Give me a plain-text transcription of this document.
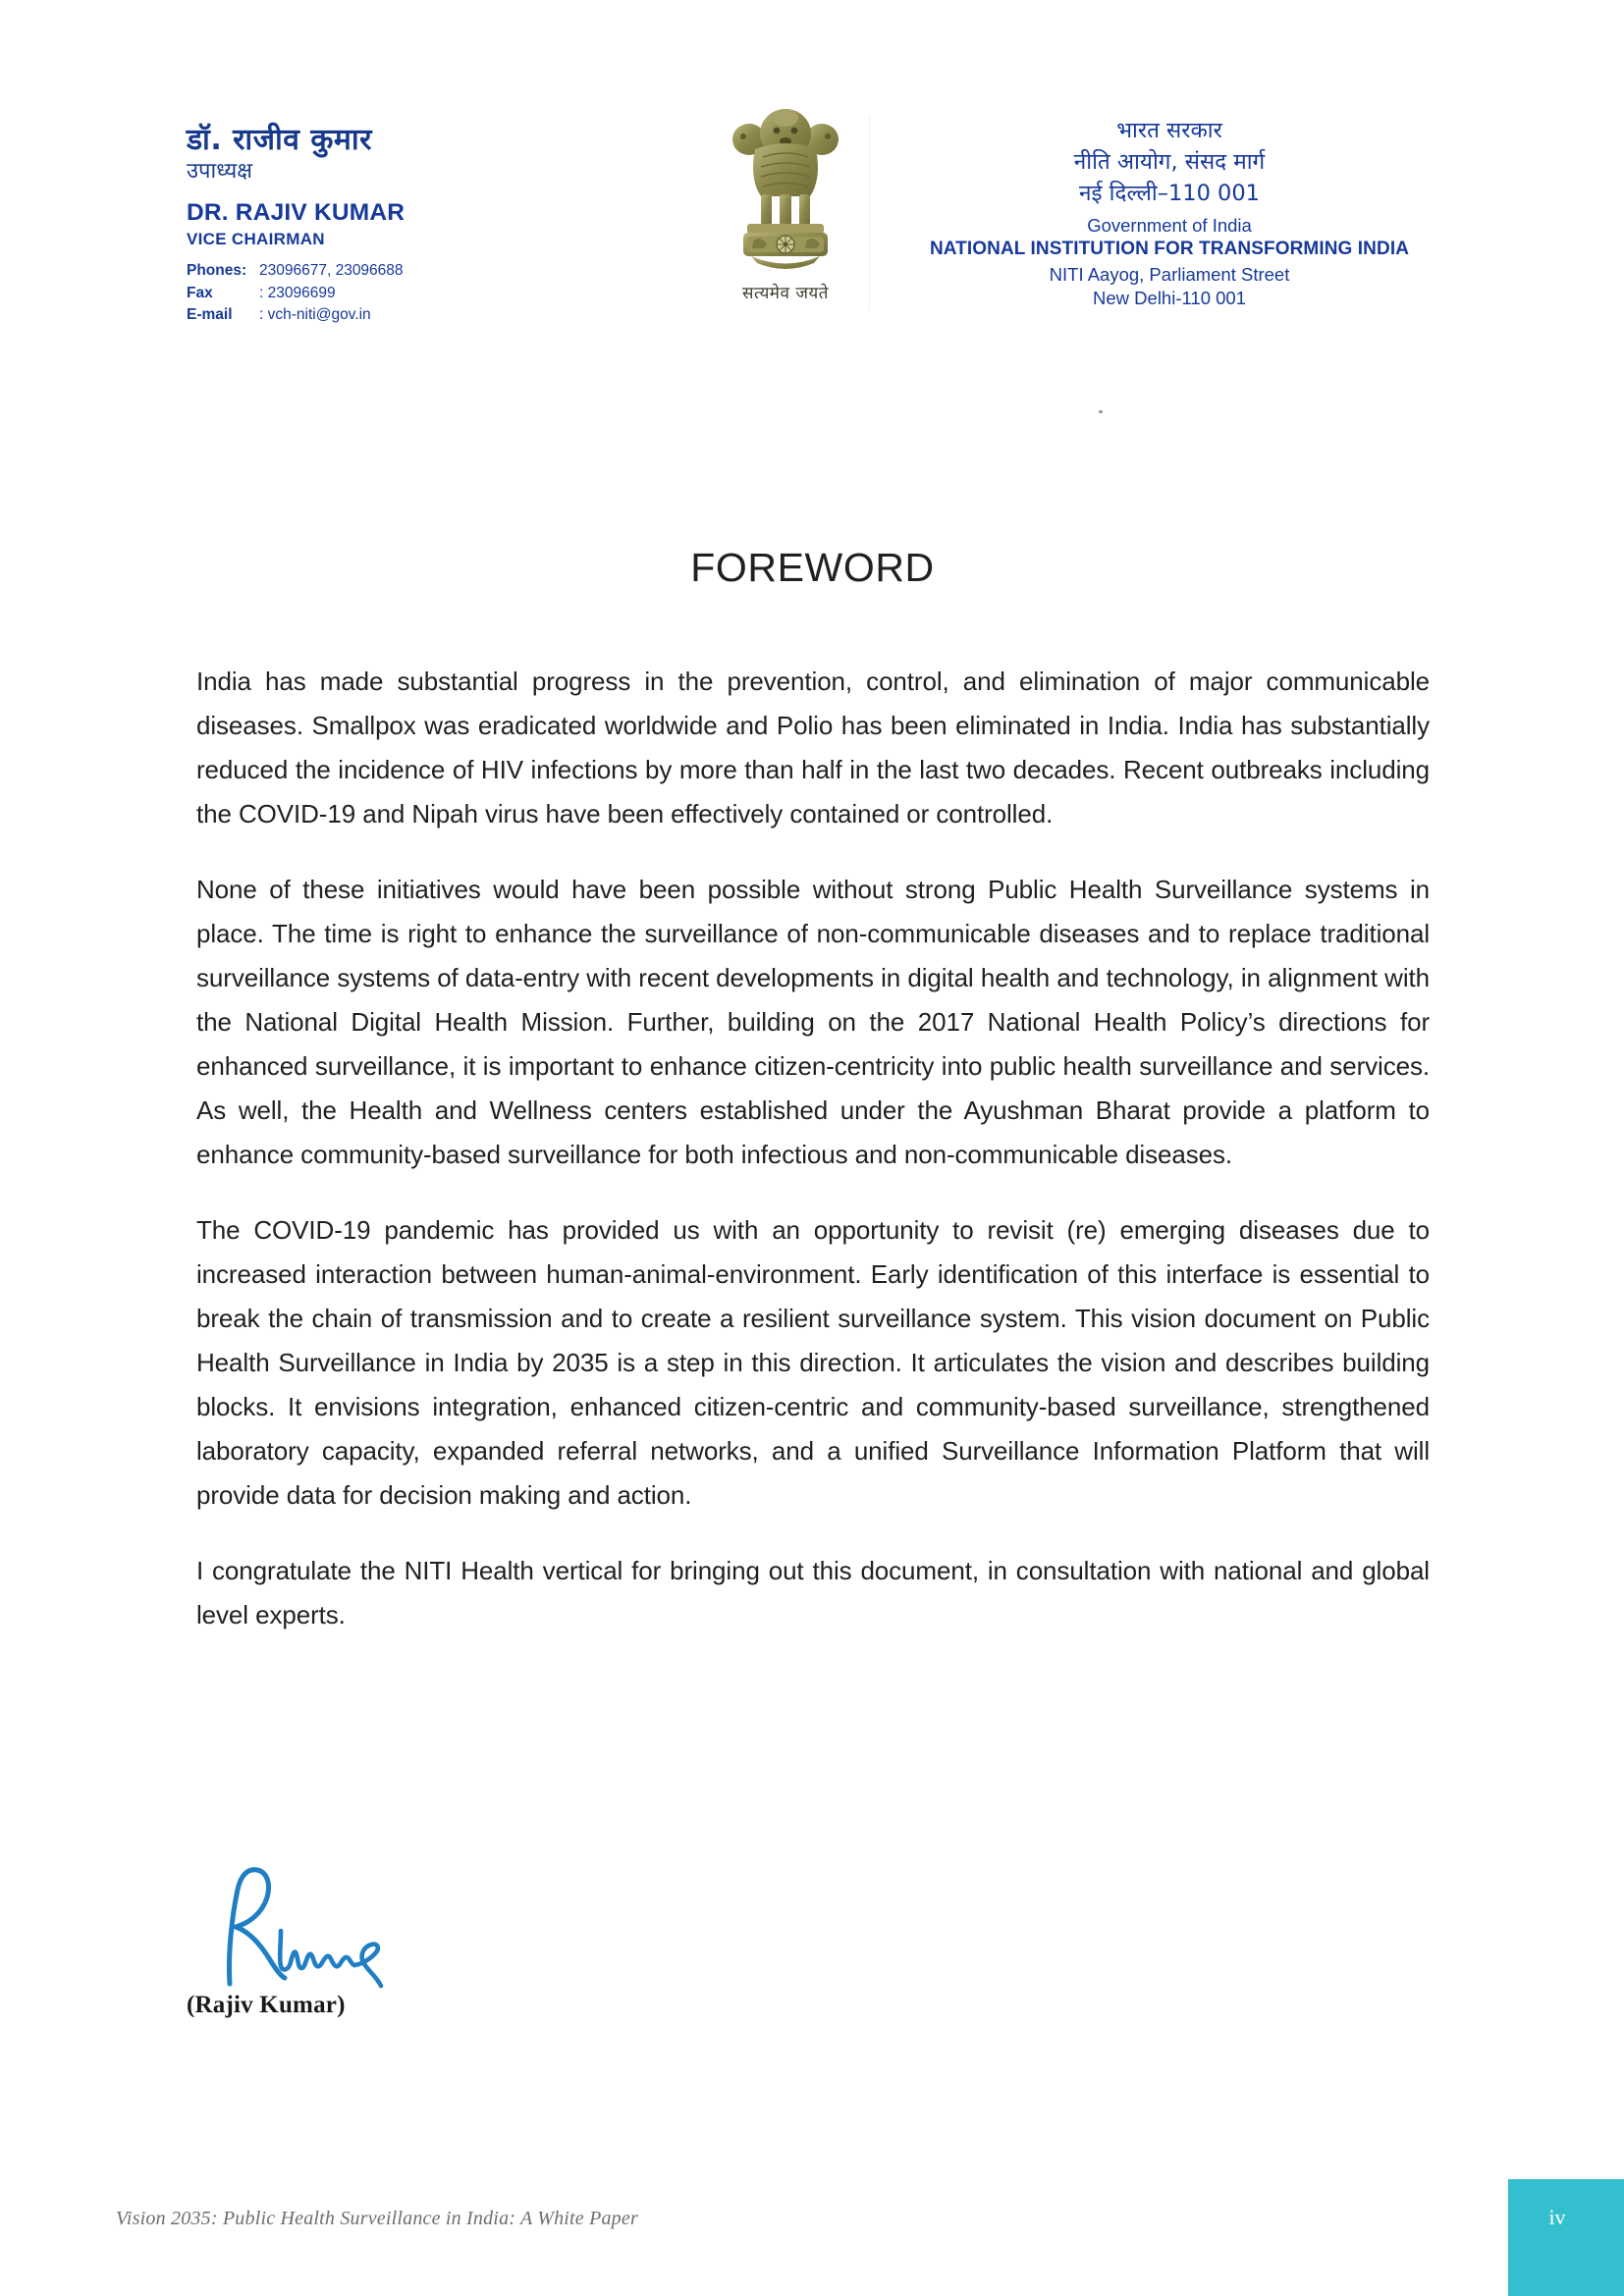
डॉ. राजीव कुमार
उपाध्यक्ष
DR. RAJIV KUMAR
VICE CHAIRMAN
Phones: 23096677, 23096688
Fax	: 23096699
E-mail : vch-niti@gov.in
सत्यमेव जयते
भारत सरकार
नीति आयोग, संसद मार्ग
नई दिल्ली–110 001
Government of India
NATIONAL INSTITUTION FOR TRANSFORMING INDIA
NITI Aayog, Parliament Street
New Delhi-110 001
FOREWORD

India has made substantial progress in the prevention, control, and elimination of major communicable diseases. Smallpox was eradicated worldwide and Polio has been eliminated in India. India has substantially reduced the incidence of HIV infections by more than half in the last two decades. Recent outbreaks including the COVID-19 and Nipah virus have been effectively contained or controlled.

None of these initiatives would have been possible without strong Public Health Surveillance systems in place. The time is right to enhance the surveillance of non-communicable diseases and to replace traditional surveillance systems of data-entry with recent developments in digital health and technology, in alignment with the National Digital Health Mission. Further, building on the 2017 National Health Policy’s directions for enhanced surveillance, it is important to enhance citizen-centricity into public health surveillance and services. As well, the Health and Wellness centers established under the Ayushman Bharat provide a platform to enhance community-based surveillance for both infectious and non-communicable diseases.

The COVID-19 pandemic has provided us with an opportunity to revisit (re) emerging diseases due to increased interaction between human-animal-environment. Early identification of this interface is essential to break the chain of transmission and to create a resilient surveillance system. This vision document on Public Health Surveillance in India by 2035 is a step in this direction. It articulates the vision and describes building blocks. It envisions integration, enhanced citizen-centric and community-based surveillance, strengthened laboratory capacity, expanded referral networks, and a unified Surveillance Information Platform that will provide data for decision making and action.

I congratulate the NITI Health vertical for bringing out this document, in consultation with national and global level experts.

(Rajiv Kumar)
Vision 2035: Public Health Surveillance in India: A White Paper	iv
